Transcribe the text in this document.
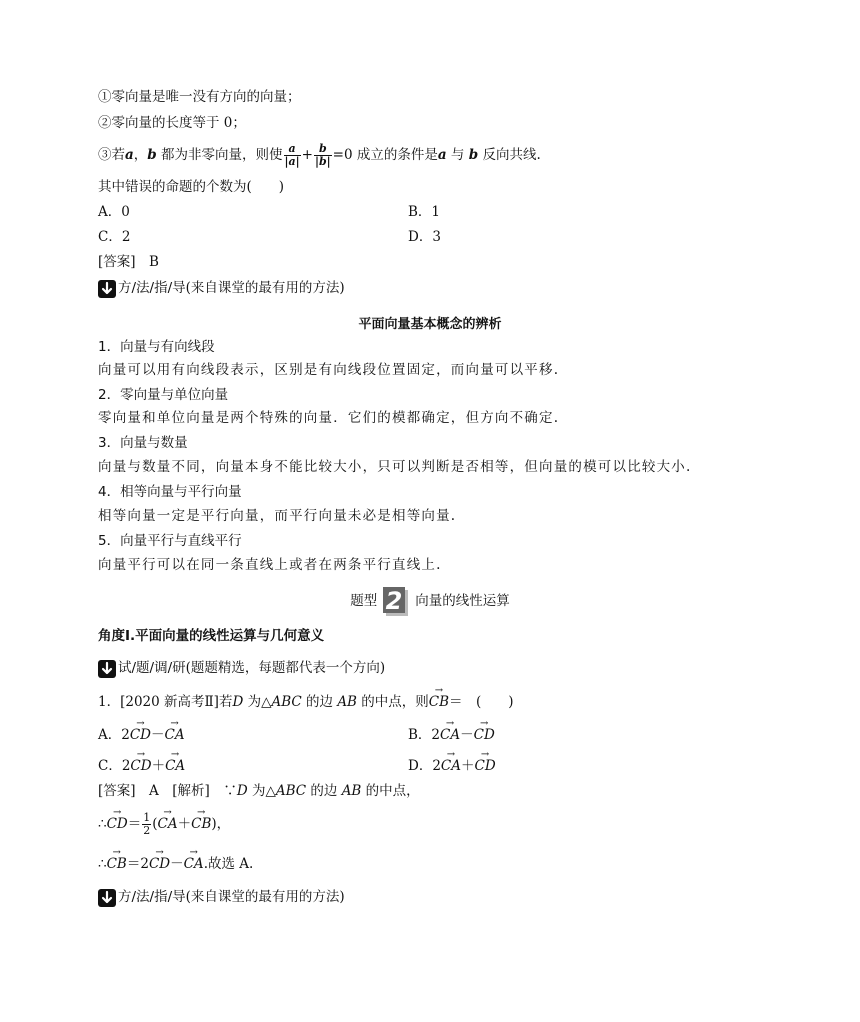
①零向量是唯一没有方向的向量；
②零向量的长度等于 0；
③若a，b 都为非零向量，则使 a
|a| + b
|b| =0 成立的条件是a 与 b 反向共线.
其中错误的命题的个数为(　　)
A．0	B．1
C．2	D．3
[答案]　B
方/法/指/导(来自课堂的最有用的方法)
平面向量基本概念的辨析
1．向量与有向线段
向量可以用有向线段表示，区别是有向线段位置固定，而向量可以平移.
2．零向量与单位向量
零向量和单位向量是两个特殊的向量．它们的模都确定，但方向不确定.
3．向量与数量
向量与数量不同，向量本身不能比较大小，只可以判断是否相等，但向量的模可以比较大小.
4．相等向量与平行向量
相等向量一定是平行向量，而平行向量未必是相等向量.
5．向量平行与直线平行
向量平行可以在同一条直线上或者在两条平行直线上.
题型 2 向量的线性运算
角度Ⅰ.平面向量的线性运算与几何意义
试/题/调/研(题题精选，每题都代表一个方向)
1．[2020 新高考Ⅱ]若D 为△ABC 的边 AB 的中点，则→ CB＝　(　　)
A．2→ CD－→ CA	B．2→ CA－→ CD
C．2→ CD＋→ CA	D．2→ CA＋→ CD
[答案]　A　[解析]　∵D 为△ABC 的边 AB 的中点，
∴→ $CD= \frac{1}{2}$ (→ CA＋→ CB)，
∴→ CB＝2→ CD－→ CA.故选 A.
方/法/指/导(来自课堂的最有用的方法)
